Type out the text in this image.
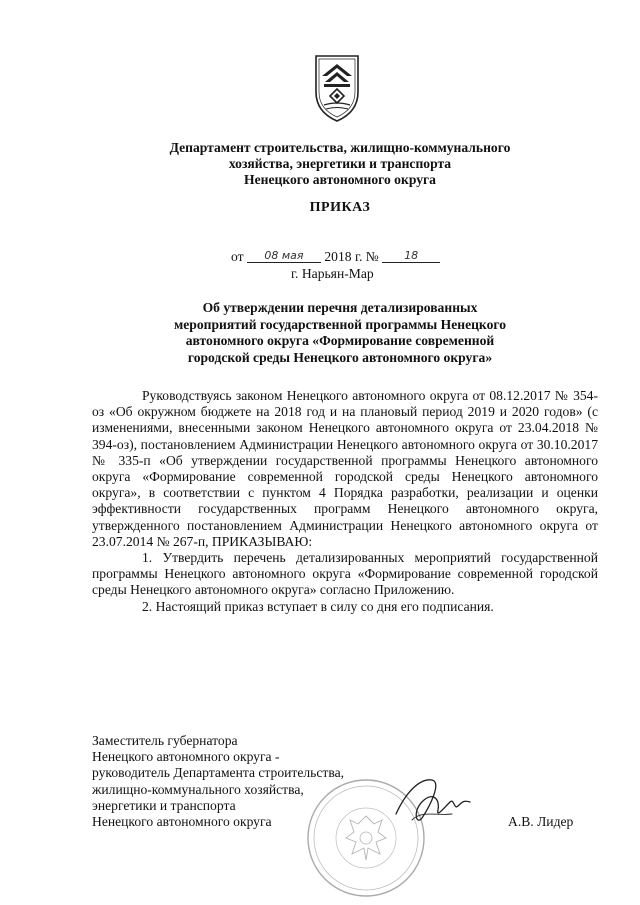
Департамент строительства, жилищно-коммунального
хозяйства, энергетики и транспорта
Ненецкого автономного округа
ПРИКАЗ
от 08 мая 2018 г. № 18
г. Нарьян-Мар
Об утверждении перечня детализированных
мероприятий государственной программы Ненецкого
автономного округа «Формирование современной
городской среды Ненецкого автономного округа»

Руководствуясь законом Ненецкого автономного округа от 08.12.2017 № 354-оз «Об окружном бюджете на 2018 год и на плановый период 2019 и 2020 годов» (с изменениями, внесенными законом Ненецкого автономного округа от 23.04.2018 № 394-оз), постановлением Администрации Ненецкого автономного округа от 30.10.2017 № 335-п «Об утверждении государственной программы Ненецкого автономного округа «Формирование современной городской среды Ненецкого автономного округа», в соответствии с пунктом 4 Порядка разработки, реализации и оценки эффективности государственных программ Ненецкого автономного округа, утвержденного постановлением Администрации Ненецкого автономного округа от 23.07.2014 № 267-п, ПРИКАЗЫВАЮ:

1. Утвердить перечень детализированных мероприятий государственной программы Ненецкого автономного округа «Формирование современной городской среды Ненецкого автономного округа» согласно Приложению.

2. Настоящий приказ вступает в силу со дня его подписания.

Заместитель губернатора
Ненецкого автономного округа -
руководитель Департамента строительства,
жилищно-коммунального хозяйства,
энергетики и транспорта
Ненецкого автономного округа	А.В. Лидер
